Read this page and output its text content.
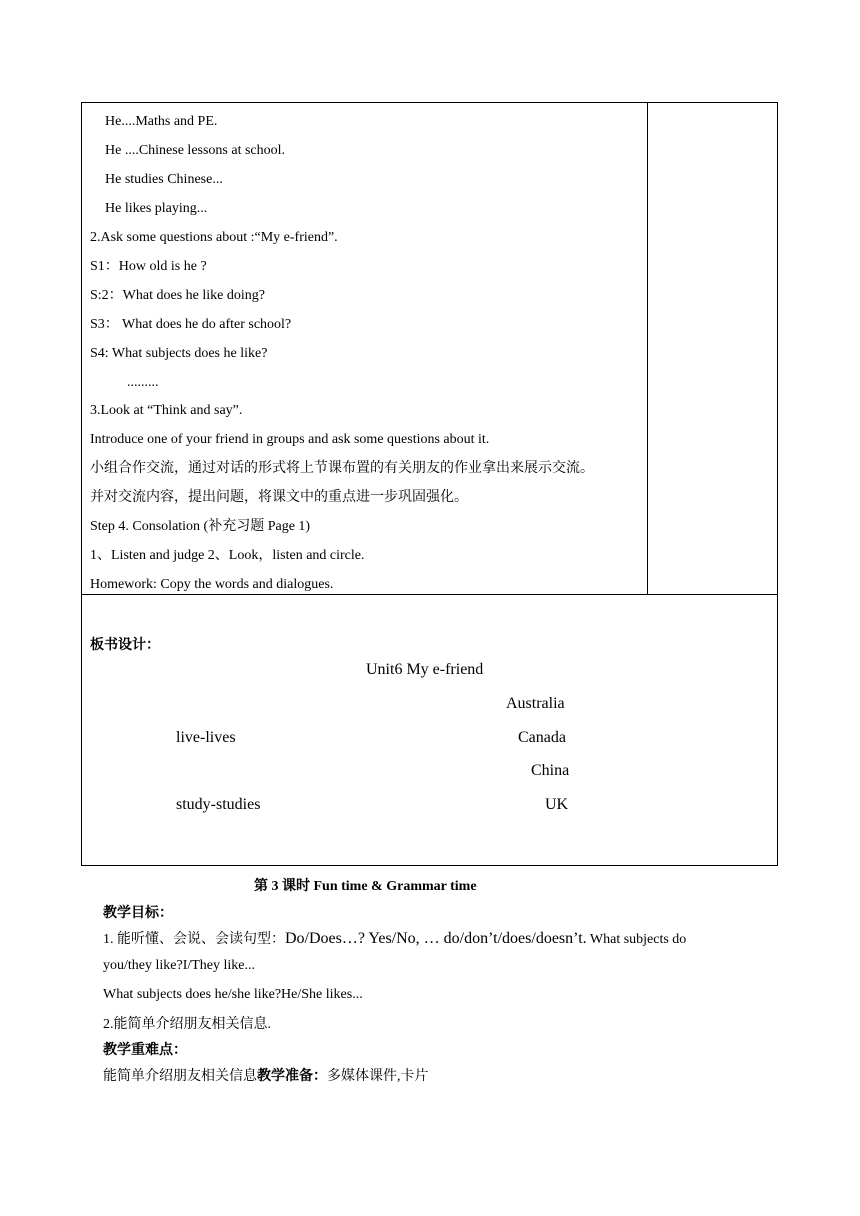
He....Maths and PE.
He ....Chinese lessons at school.
He studies Chinese...
He likes playing...
2.Ask some questions about :“My e-friend”.
S1：How old is he ?
S:2：What does he like doing?
S3： What does he do after school?
S4: What subjects does he like?
.........
3.Look at “Think and say”.
Introduce one of your friend in groups and ask some questions about it.
小组合作交流，通过对话的形式将上节课布置的有关朋友的作业拿出来展示交流。
并对交流内容，提出问题，将课文中的重点进一步巩固强化。
Step 4. Consolation (补充习题 Page 1)
1、Listen and judge 2、Look，listen and circle.
Homework: Copy the words and dialogues.
板书设计：
Unit6 My e-friend
Australia
live-lives	Canada
China
study-studies	UK
第 3 课时 Fun time & Grammar time
教学目标：
1. 能听懂、会说、会读句型：Do/Does…? Yes/No, … do/don’t/does/doesn’t. What subjects do
you/they like?I/They like...
What subjects does he/she like?He/She likes...
2.能简单介绍朋友相关信息.
教学重难点：
能简单介绍朋友相关信息教学准备：多媒体课件,卡片
